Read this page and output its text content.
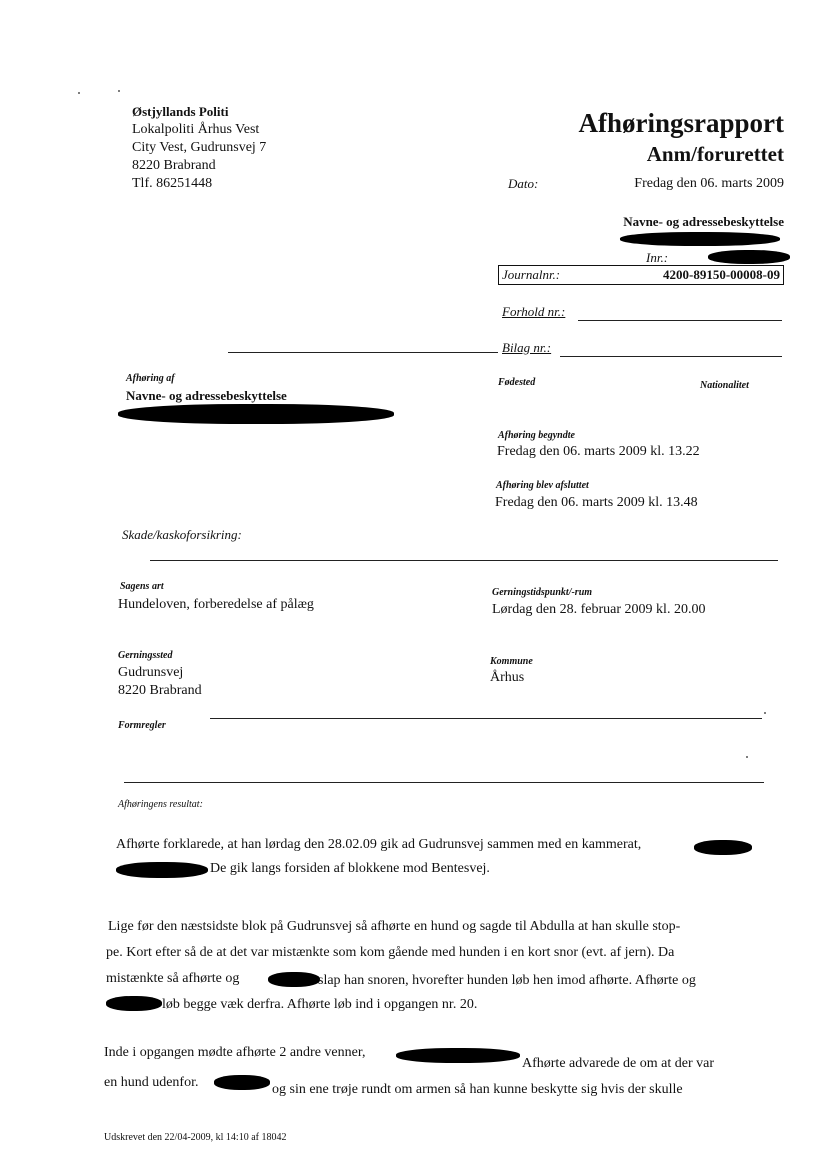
Østjyllands Politi
Lokalpoliti Århus Vest
City Vest, Gudrunsvej 7
8220 Brabrand
Tlf. 86251448
Afhøringsrapport
Anm/forurettet
Dato:	Fredag den 06. marts 2009
Navne- og adressebeskyttelse
Inr.:
Journalnr.:	4200-89150-00008-09
Forhold nr.:
Bilag nr.:
Afhøring af
Navne- og adressebeskyttelse
Fødested	Nationalitet
Afhøring begyndte
Fredag den 06. marts 2009 kl. 13.22
Afhøring blev afsluttet
Fredag den 06. marts 2009 kl. 13.48
Skade/kaskoforsikring:
Sagens art
Hundeloven, forberedelse af pålæg
Gerningstidspunkt/-rum
Lørdag den 28. februar 2009 kl. 20.00
Gerningssted
Gudrunsvej
8220 Brabrand
Kommune
Århus
Formregler
Afhøringens resultat:
Afhørte forklarede, at han lørdag den 28.02.09 gik ad Gudrunsvej sammen med en kammerat,
De gik langs forsiden af blokkene mod Bentesvej.
Lige før den næstsidste blok på Gudrunsvej så afhørte en hund og sagde til Abdulla at han skulle stop-
pe. Kort efter så de at det var mistænkte som kom gående med hunden i en kort snor (evt. af jern). Da
mistænkte så afhørte og	slap han snoren, hvorefter hunden løb hen imod afhørte. Afhørte og
løb begge væk derfra. Afhørte løb ind i opgangen nr. 20.
Inde i opgangen mødte afhørte 2 andre venner,
Afhørte advarede de om at der var
en hund udenfor.	og sin ene trøje rundt om armen så han kunne beskytte sig hvis der skulle
Udskrevet den 22/04-2009, kl 14:10 af 18042
